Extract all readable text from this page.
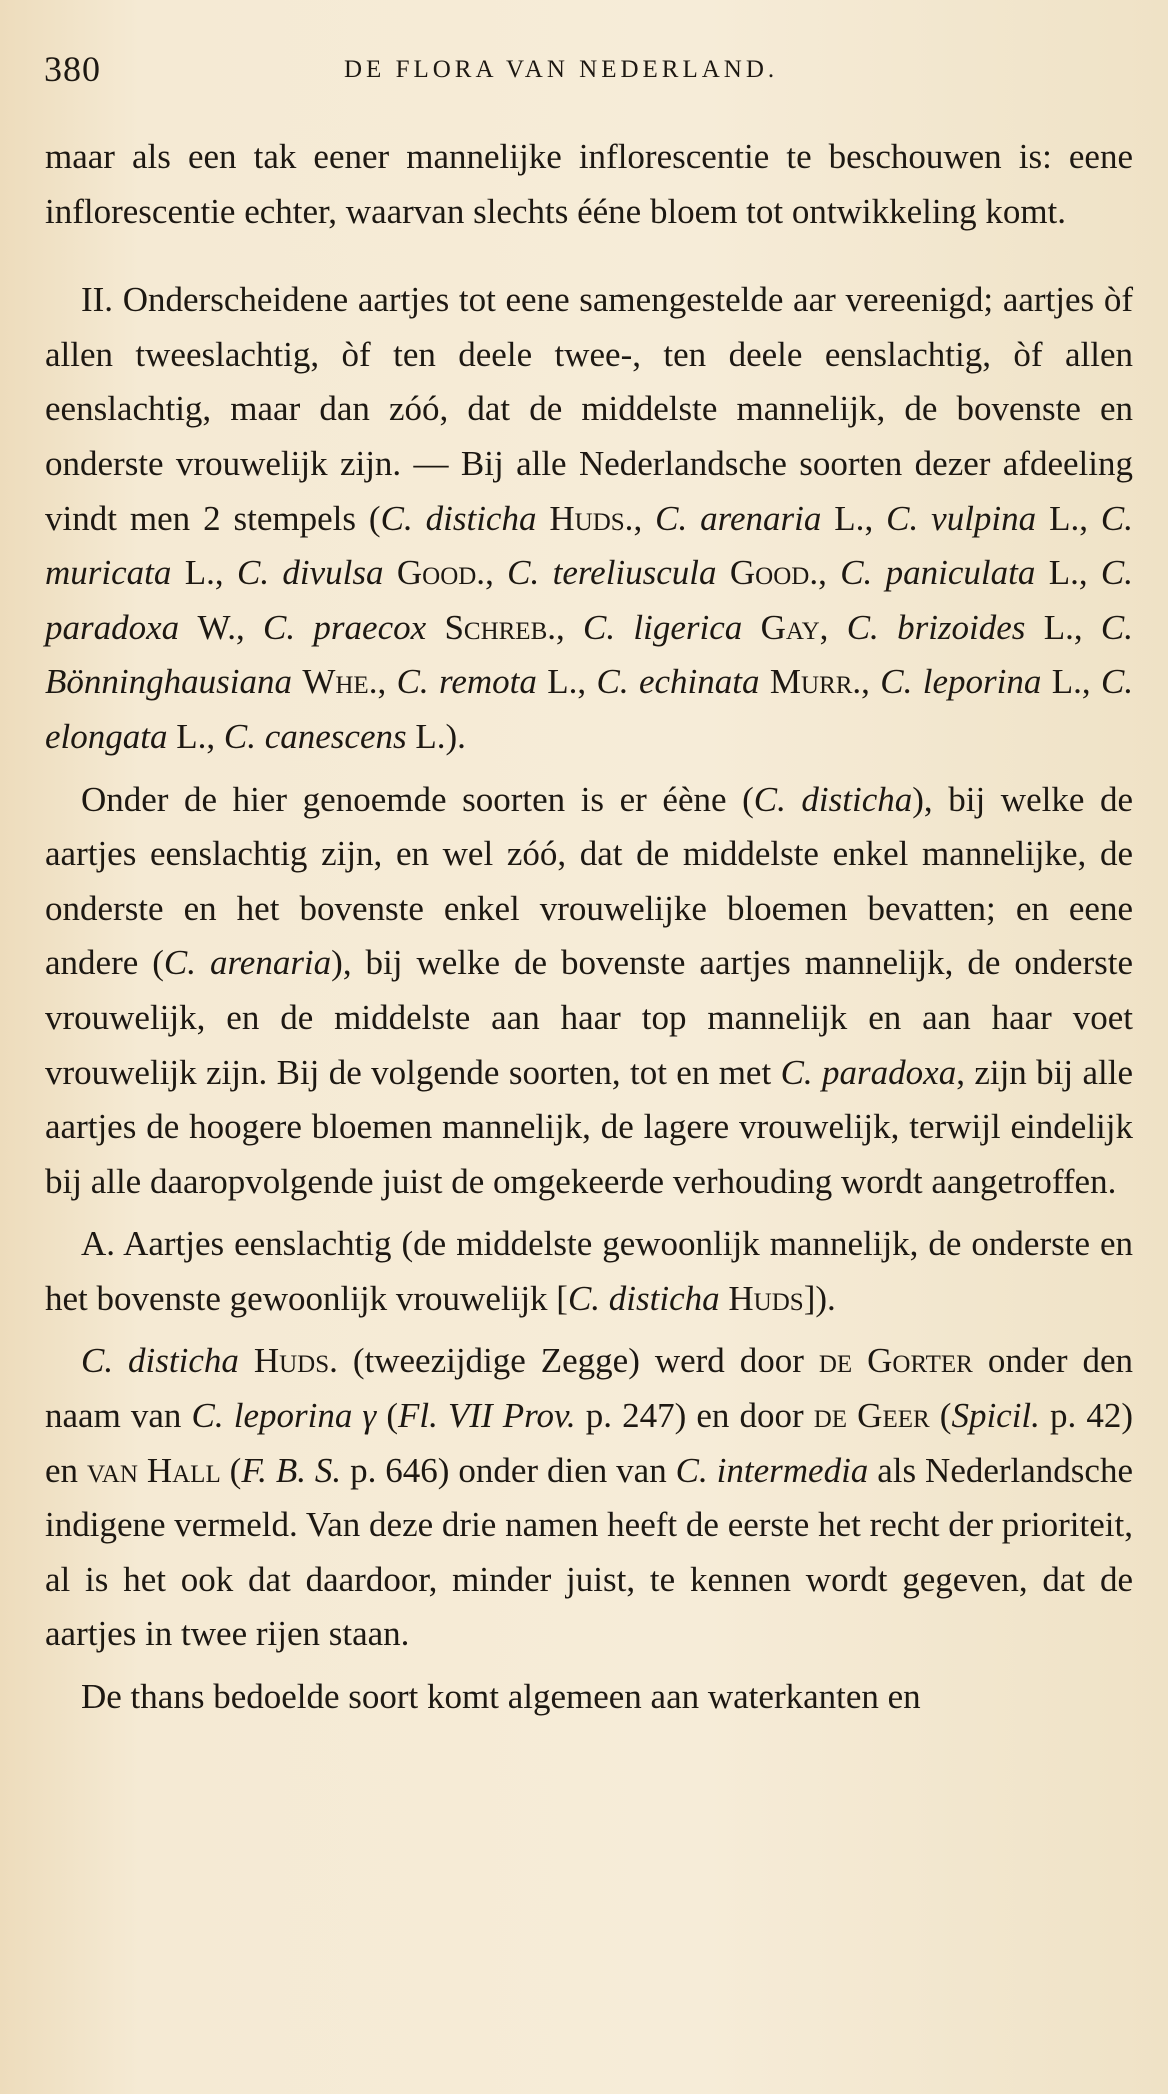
380	DE FLORA VAN NEDERLAND.

maar als een tak eener mannelijke inflorescentie te beschouwen is: eene inflorescentie echter, waarvan slechts ééne bloem tot ontwikkeling komt.

II. Onderscheidene aartjes tot eene samengestelde aar vereenigd; aartjes òf allen tweeslachtig, òf ten deele twee-, ten deele eenslachtig, òf allen eenslachtig, maar dan zóó, dat de middelste mannelijk, de bovenste en onderste vrouwelijk zijn. — Bij alle Nederlandsche soorten dezer afdeeling vindt men 2 stempels (C. disticha Huds., C. arenaria L., C. vulpina L., C. muricata L., C. divulsa Good., C. tereliuscula Good., C. paniculata L., C. paradoxa W., C. praecox Schreb., C. ligerica Gay, C. brizoides L., C. Bönninghausiana Whe., C. remota L., C. echinata Murr., C. leporina L., C. elongata L., C. canescens L.).

Onder de hier genoemde soorten is er éène (C. disticha), bij welke de aartjes eenslachtig zijn, en wel zóó, dat de middelste enkel mannelijke, de onderste en het bovenste enkel vrouwelijke bloemen bevatten; en eene andere (C. arenaria), bij welke de bovenste aartjes mannelijk, de onderste vrouwelijk, en de middelste aan haar top mannelijk en aan haar voet vrouwelijk zijn. Bij de volgende soorten, tot en met C. paradoxa, zijn bij alle aartjes de hoogere bloemen mannelijk, de lagere vrouwelijk, terwijl eindelijk bij alle daaropvolgende juist de omgekeerde verhouding wordt aangetroffen.

A. Aartjes eenslachtig (de middelste gewoonlijk mannelijk, de onderste en het bovenste gewoonlijk vrouwelijk [C. disticha Huds]).

C. disticha Huds. (tweezijdige Zegge) werd door de Gorter onder den naam van C. leporina γ (Fl. VII Prov. p. 247) en door de Geer (Spicil. p. 42) en van Hall (F. B. S. p. 646) onder dien van C. intermedia als Nederlandsche indigene vermeld. Van deze drie namen heeft de eerste het recht der prioriteit, al is het ook dat daardoor, minder juist, te kennen wordt gegeven, dat de aartjes in twee rijen staan.

De thans bedoelde soort komt algemeen aan waterkanten en
